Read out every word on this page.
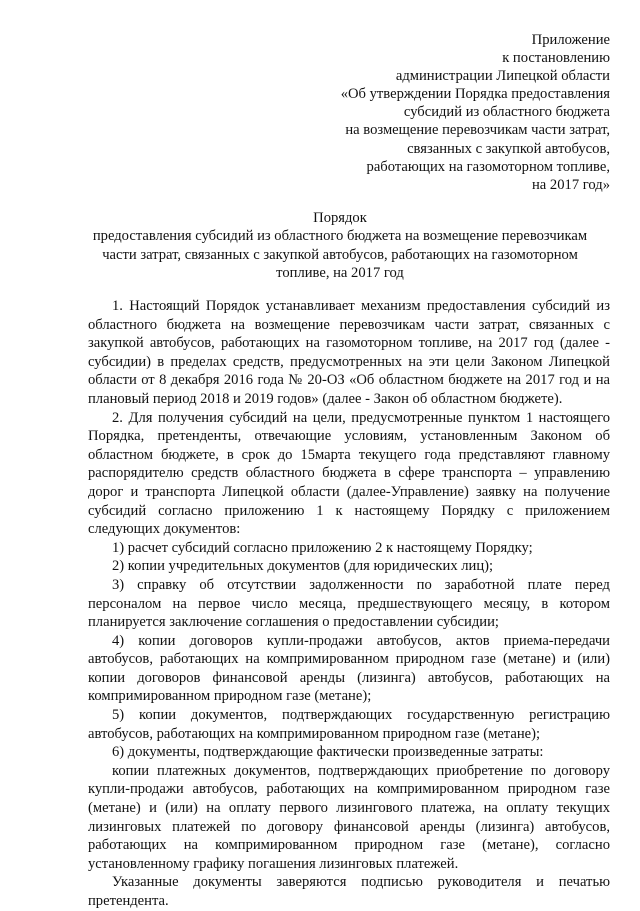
Приложение
к постановлению
администрации Липецкой области
«Об утверждении Порядка предоставления
субсидий из областного бюджета
на возмещение перевозчикам части затрат,
связанных с закупкой автобусов,
работающих на газомоторном топливе,
на 2017 год»
Порядок
предоставления субсидий из областного бюджета на возмещение перевозчикам
части затрат, связанных с закупкой автобусов, работающих на газомоторном
топливе, на 2017 год

1. Настоящий Порядок устанавливает механизм предоставления субсидий из областного бюджета на возмещение перевозчикам части затрат, связанных с закупкой автобусов, работающих на газомоторном топливе, на 2017 год (далее - субсидии) в пределах средств, предусмотренных на эти цели Законом Липецкой области от 8 декабря 2016 года № 20-ОЗ «Об областном бюджете на 2017 год и на плановый период 2018 и 2019 годов» (далее - Закон об областном бюджете).

2. Для получения субсидий на цели, предусмотренные пунктом 1 настоящего Порядка, претенденты, отвечающие условиям, установленным Законом об областном бюджете, в срок до 15марта текущего года представляют главному распорядителю средств областного бюджета в сфере транспорта – управлению дорог и транспорта Липецкой области (далее-Управление) заявку на получение субсидий согласно приложению 1 к настоящему Порядку с приложением следующих документов:

1) расчет субсидий согласно приложению 2 к настоящему Порядку;

2) копии учредительных документов (для юридических лиц);

3) справку об отсутствии задолженности по заработной плате перед персоналом на первое число месяца, предшествующего месяцу, в котором планируется заключение соглашения о предоставлении субсидии;

4) копии договоров купли-продажи автобусов, актов приема-передачи автобусов, работающих на компримированном природном газе (метане) и (или) копии договоров финансовой аренды (лизинга) автобусов, работающих на компримированном природном газе (метане);

5) копии документов, подтверждающих государственную регистрацию автобусов, работающих на компримированном природном газе (метане);

6) документы, подтверждающие фактически произведенные затраты:

копии платежных документов, подтверждающих приобретение по договору купли-продажи автобусов, работающих на компримированном природном газе (метане) и (или) на оплату первого лизингового платежа, на оплату текущих лизинговых платежей по договору финансовой аренды (лизинга) автобусов, работающих на компримированном природном газе (метане), согласно установленному графику погашения лизинговых платежей.

Указанные документы заверяются подписью руководителя и печатью претендента.
